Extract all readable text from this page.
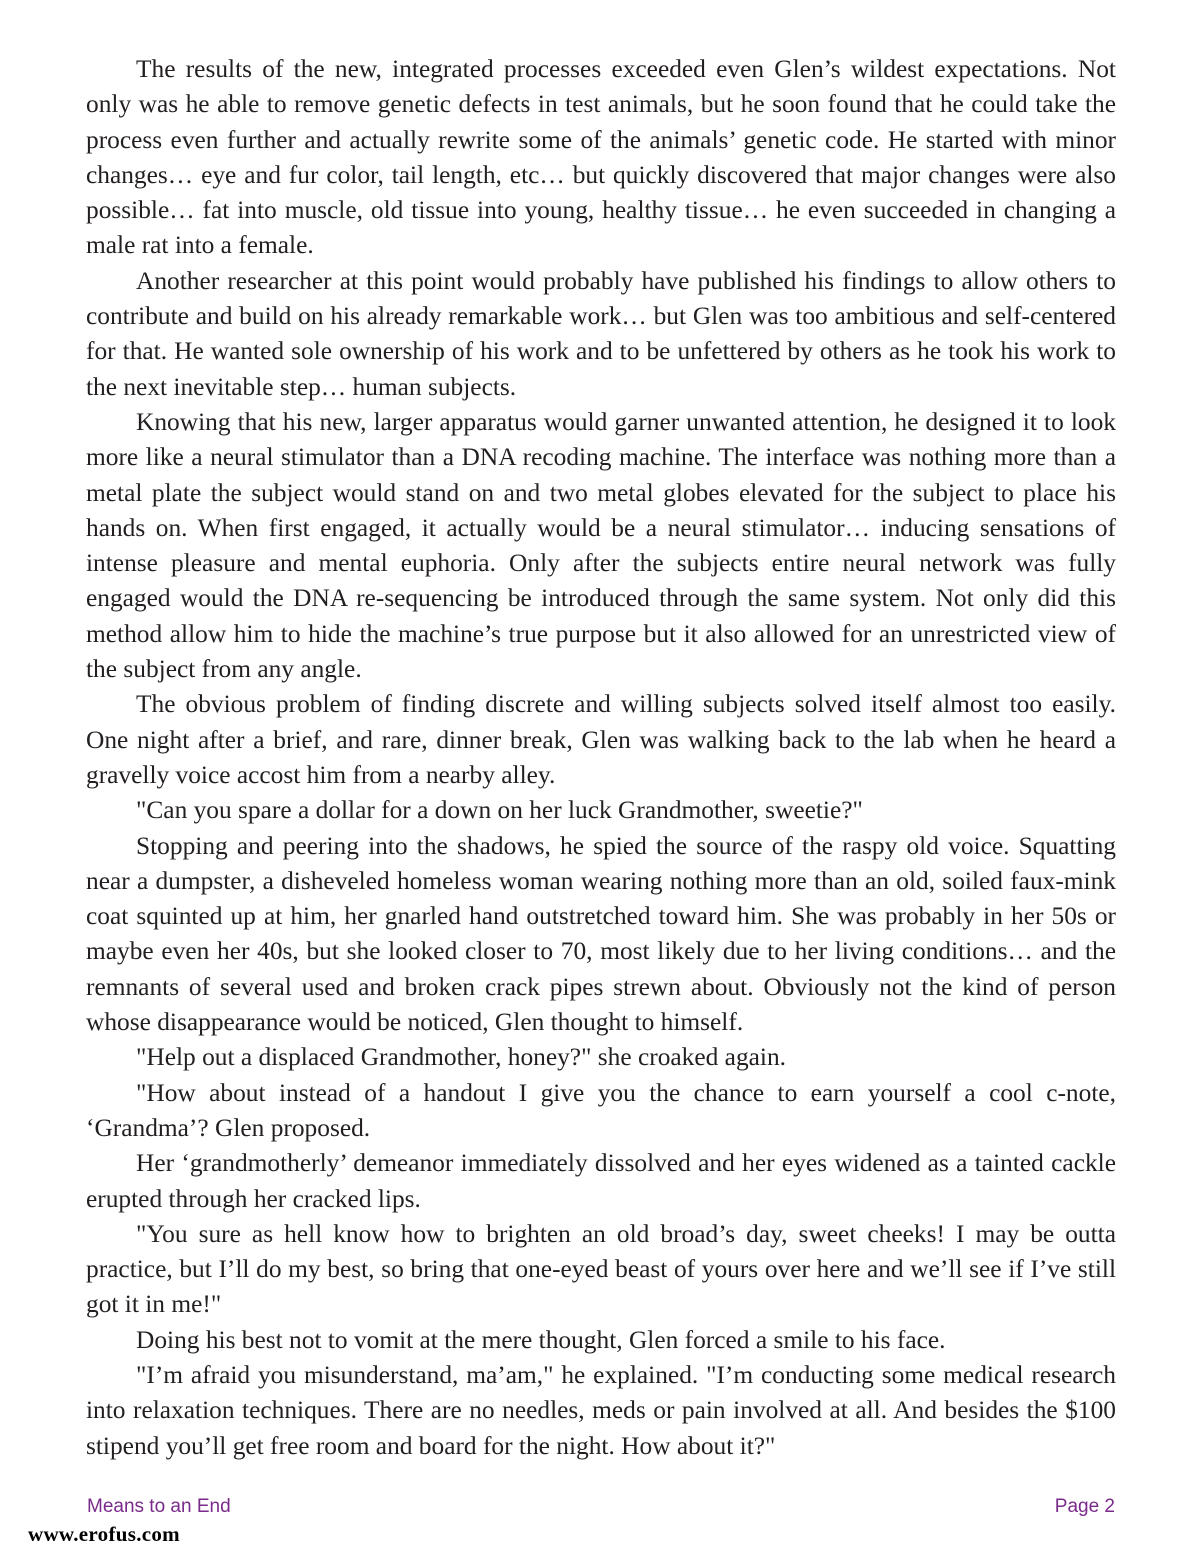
The results of the new, integrated processes exceeded even Glen’s wildest expectations. Not only was he able to remove genetic defects in test animals, but he soon found that he could take the process even further and actually rewrite some of the animals’ genetic code. He started with minor changes… eye and fur color, tail length, etc… but quickly discovered that major changes were also possible… fat into muscle, old tissue into young, healthy tissue… he even succeeded in changing a male rat into a female.

Another researcher at this point would probably have published his findings to allow others to contribute and build on his already remarkable work… but Glen was too ambitious and self-centered for that. He wanted sole ownership of his work and to be unfettered by others as he took his work to the next inevitable step… human subjects.

Knowing that his new, larger apparatus would garner unwanted attention, he designed it to look more like a neural stimulator than a DNA recoding machine. The interface was nothing more than a metal plate the subject would stand on and two metal globes elevated for the subject to place his hands on. When first engaged, it actually would be a neural stimulator… inducing sensations of intense pleasure and mental euphoria. Only after the subjects entire neural network was fully engaged would the DNA re-sequencing be introduced through the same system. Not only did this method allow him to hide the machine’s true purpose but it also allowed for an unrestricted view of the subject from any angle.

The obvious problem of finding discrete and willing subjects solved itself almost too easily. One night after a brief, and rare, dinner break, Glen was walking back to the lab when he heard a gravelly voice accost him from a nearby alley.

"Can you spare a dollar for a down on her luck Grandmother, sweetie?"

Stopping and peering into the shadows, he spied the source of the raspy old voice. Squatting near a dumpster, a disheveled homeless woman wearing nothing more than an old, soiled faux-mink coat squinted up at him, her gnarled hand outstretched toward him. She was probably in her 50s or maybe even her 40s, but she looked closer to 70, most likely due to her living conditions… and the remnants of several used and broken crack pipes strewn about. Obviously not the kind of person whose disappearance would be noticed, Glen thought to himself.

"Help out a displaced Grandmother, honey?" she croaked again.

"How about instead of a handout I give you the chance to earn yourself a cool c-note, ‘Grandma’? Glen proposed.

Her ‘grandmotherly’ demeanor immediately dissolved and her eyes widened as a tainted cackle erupted through her cracked lips.

"You sure as hell know how to brighten an old broad’s day, sweet cheeks! I may be outta practice, but I’ll do my best, so bring that one-eyed beast of yours over here and we’ll see if I’ve still got it in me!"

Doing his best not to vomit at the mere thought, Glen forced a smile to his face.

"I’m afraid you misunderstand, ma’am," he explained. "I’m conducting some medical research into relaxation techniques. There are no needles, meds or pain involved at all. And besides the $100 stipend you’ll get free room and board for the night. How about it?"

Means to an End	Page 2
www.erofus.com
